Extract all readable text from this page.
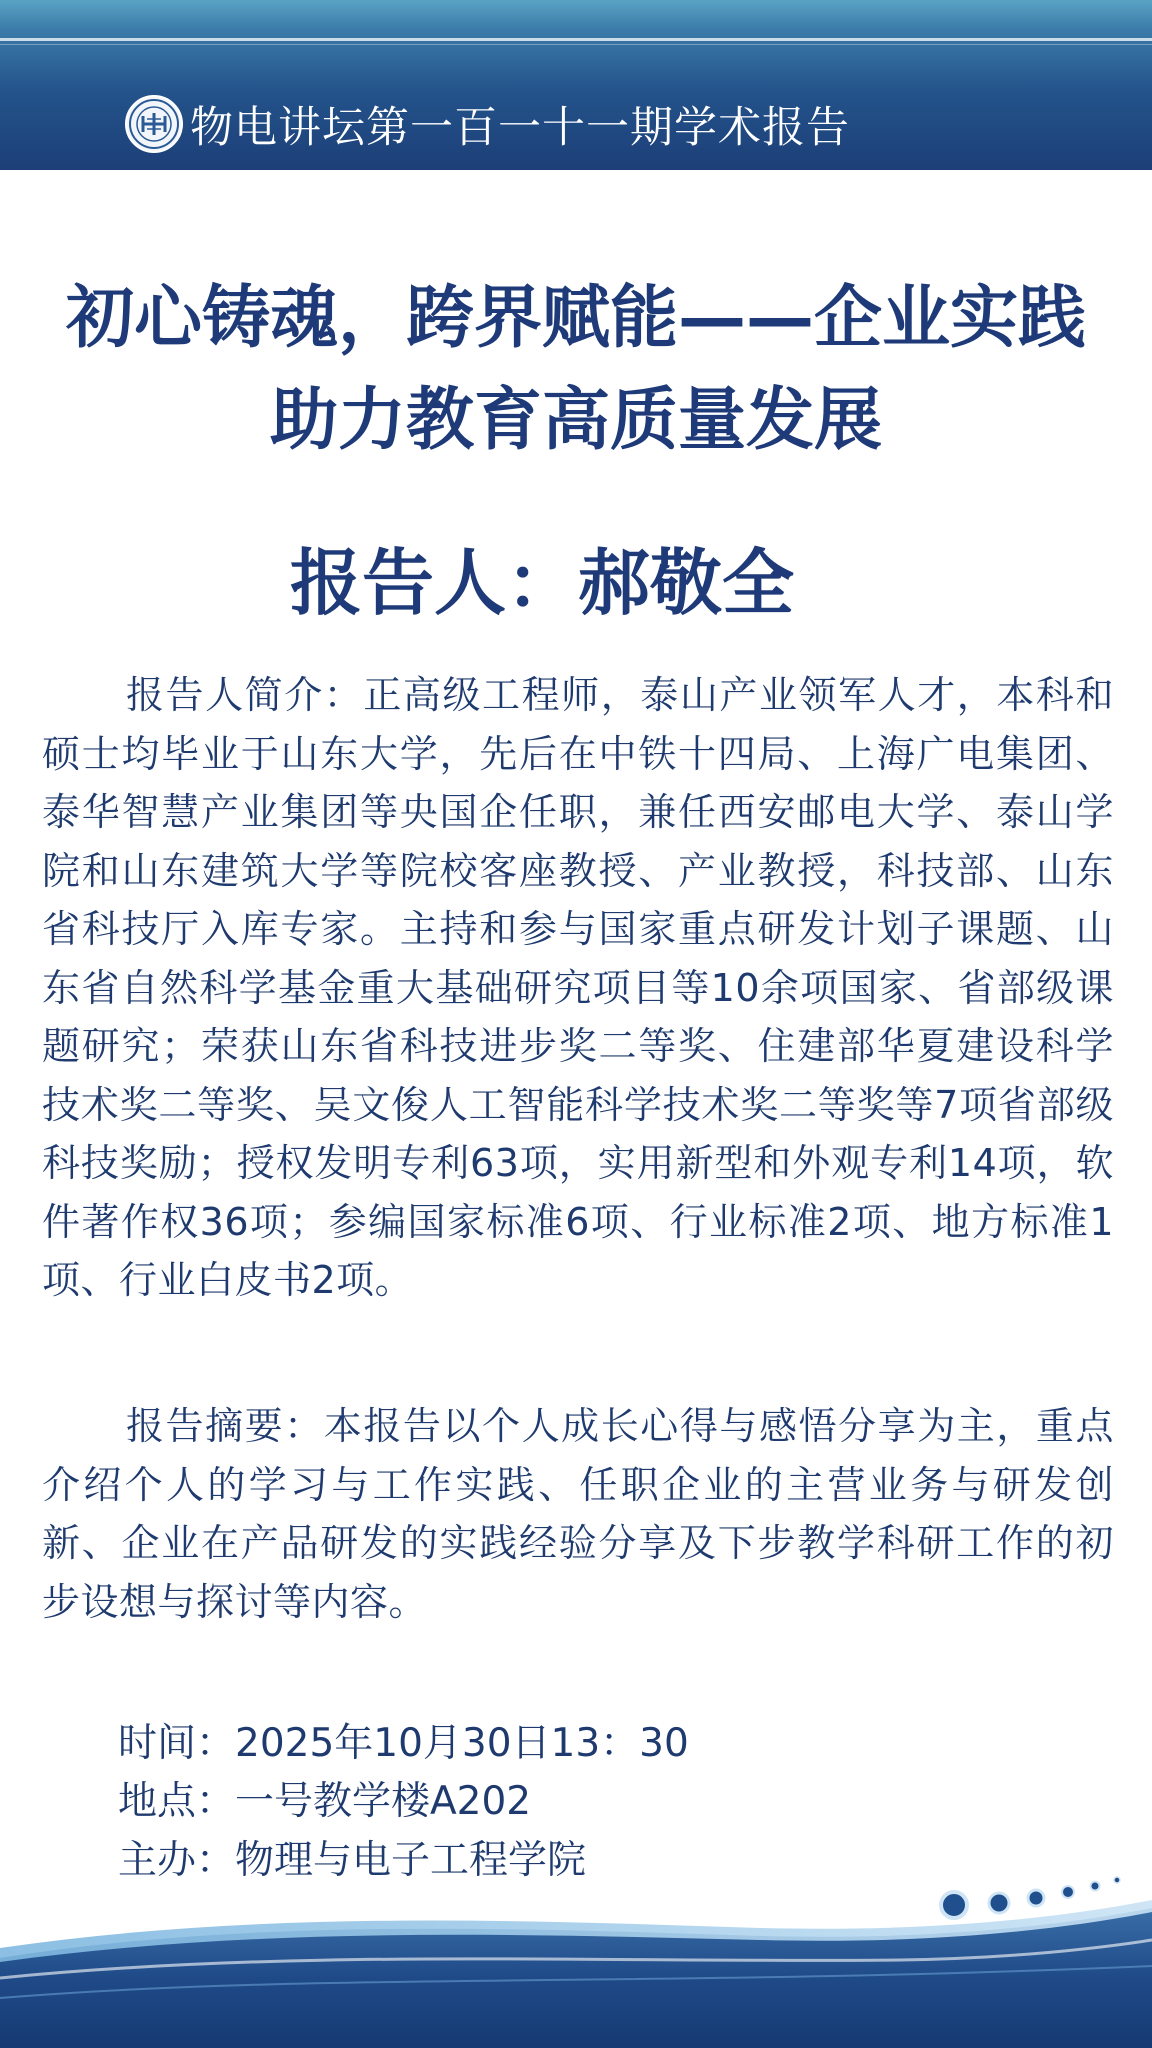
物电讲坛第一百一十一期学术报告
初心铸魂，跨界赋能——企业实践
助力教育高质量发展
报告人：郝敬全
报告人简介：正高级工程师，泰山产业领军人才，本科和硕士均毕业于山东大学，先后在中铁十四局、上海广电集团、泰华智慧产业集团等央国企任职，兼任西安邮电大学、泰山学院和山东建筑大学等院校客座教授、产业教授，科技部、山东省科技厅入库专家。主持和参与国家重点研发计划子课题、山东省自然科学基金重大基础研究项目等10余项国家、省部级课题研究；荣获山东省科技进步奖二等奖、住建部华夏建设科学技术奖二等奖、吴文俊人工智能科学技术奖二等奖等7项省部级科技奖励；授权发明专利63项，实用新型和外观专利14项，软件著作权36项；参编国家标准6项、行业标准2项、地方标准1项、行业白皮书2项。
报告摘要：本报告以个人成长心得与感悟分享为主，重点介绍个人的学习与工作实践、任职企业的主营业务与研发创新、企业在产品研发的实践经验分享及下步教学科研工作的初步设想与探讨等内容。
时间：2025年10月30日13：30
地点：一号教学楼A202
主办：物理与电子工程学院
